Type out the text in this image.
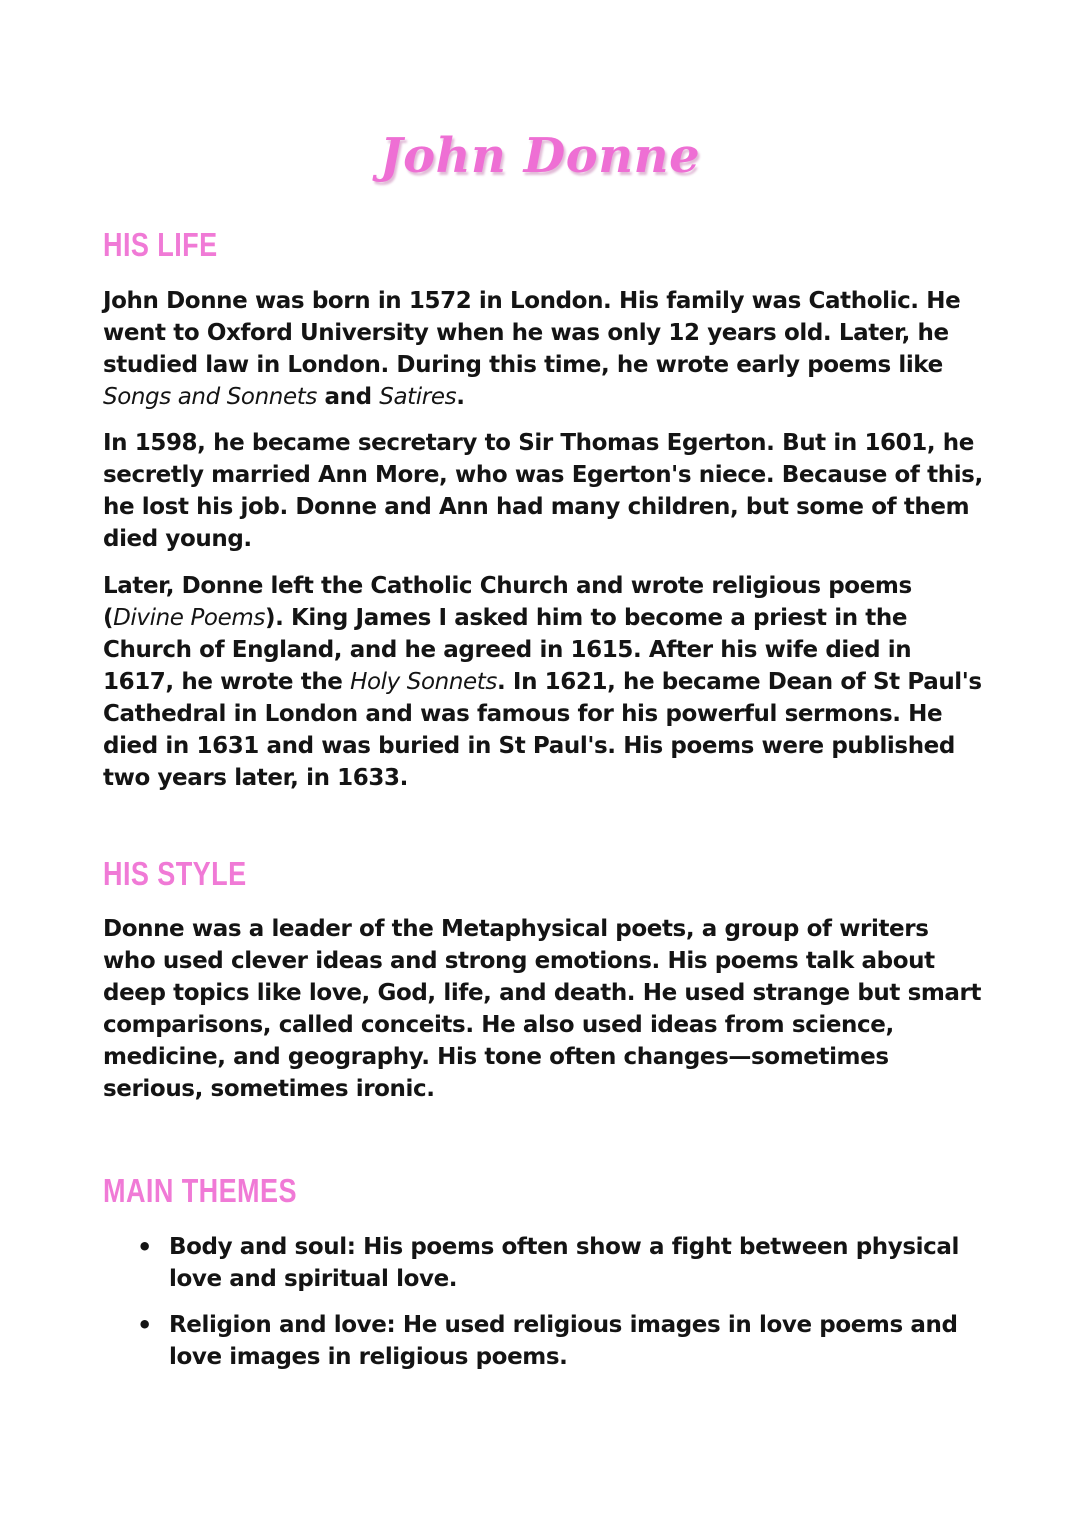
John Donne
HIS LIFE

John Donne was born in 1572 in London. His family was Catholic. He went to Oxford University when he was only 12 years old. Later, he studied law in London. During this time, he wrote early poems like Songs and Sonnets and Satires.

In 1598, he became secretary to Sir Thomas Egerton. But in 1601, he secretly married Ann More, who was Egerton's niece. Because of this, he lost his job. Donne and Ann had many children, but some of them died young.

Later, Donne left the Catholic Church and wrote religious poems (Divine Poems). King James I asked him to become a priest in the Church of England, and he agreed in 1615. After his wife died in 1617, he wrote the Holy Sonnets. In 1621, he became Dean of St Paul's Cathedral in London and was famous for his powerful sermons. He died in 1631 and was buried in St Paul's. His poems were published two years later, in 1633.

HIS STYLE

Donne was a leader of the Metaphysical poets, a group of writers who used clever ideas and strong emotions. His poems talk about deep topics like love, God, life, and death. He used strange but smart comparisons, called conceits. He also used ideas from science, medicine, and geography. His tone often changes—sometimes serious, sometimes ironic.

MAIN THEMES
• Body and soul: His poems often show a fight between physical love and spiritual love.
• Religion and love: He used religious images in love poems and love images in religious poems.
